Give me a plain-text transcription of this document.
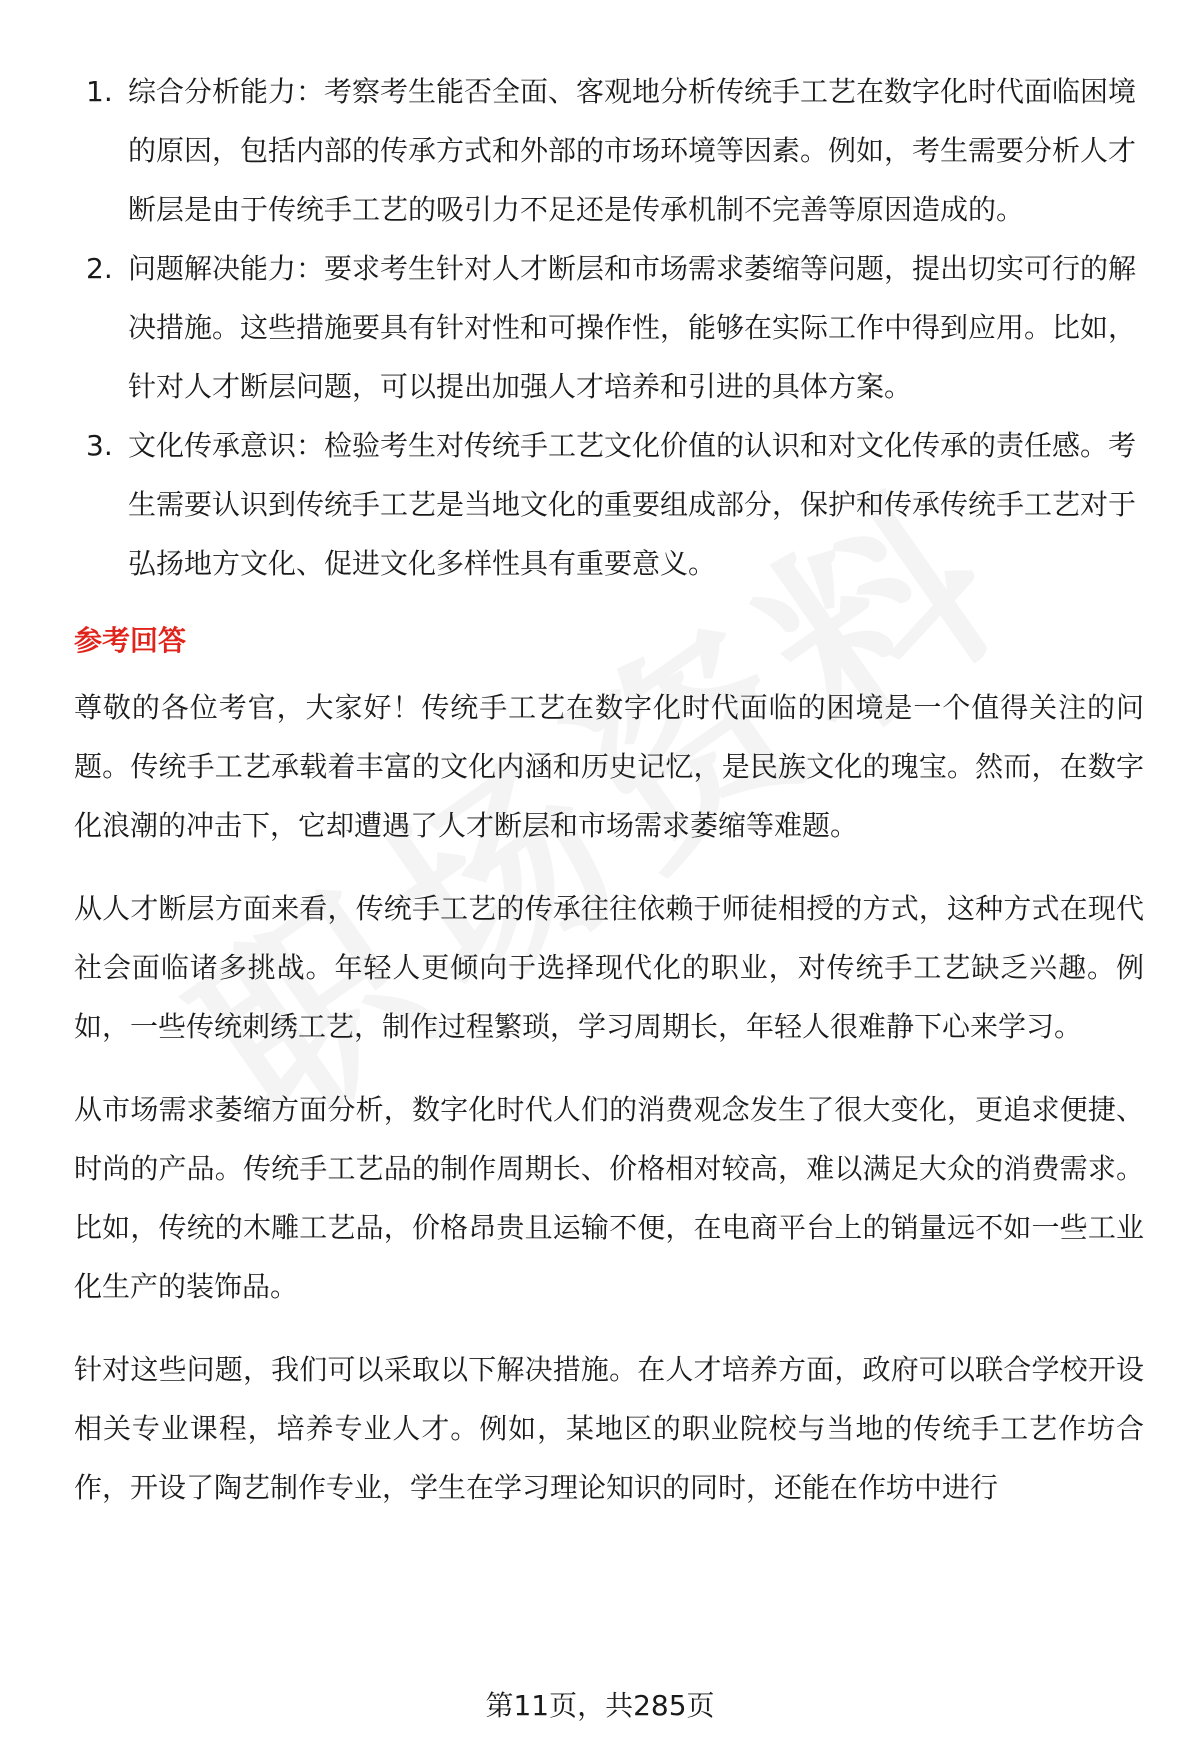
1. 综合分析能力：考察考生能否全面、客观地分析传统手工艺在数字化时代面临困境的原因，包括内部的传承方式和外部的市场环境等因素。例如，考生需要分析人才断层是由于传统手工艺的吸引力不足还是传承机制不完善等原因造成的。
2. 问题解决能力：要求考生针对人才断层和市场需求萎缩等问题，提出切实可行的解决措施。这些措施要具有针对性和可操作性，能够在实际工作中得到应用。比如，针对人才断层问题，可以提出加强人才培养和引进的具体方案。
3. 文化传承意识：检验考生对传统手工艺文化价值的认识和对文化传承的责任感。考生需要认识到传统手工艺是当地文化的重要组成部分，保护和传承传统手工艺对于弘扬地方文化、促进文化多样性具有重要意义。
参考回答

尊敬的各位考官，大家好！传统手工艺在数字化时代面临的困境是一个值得关注的问题。传统手工艺承载着丰富的文化内涵和历史记忆，是民族文化的瑰宝。然而，在数字化浪潮的冲击下，它却遭遇了人才断层和市场需求萎缩等难题。

从人才断层方面来看，传统手工艺的传承往往依赖于师徒相授的方式，这种方式在现代社会面临诸多挑战。年轻人更倾向于选择现代化的职业，对传统手工艺缺乏兴趣。例如，一些传统刺绣工艺，制作过程繁琐，学习周期长，年轻人很难静下心来学习。

从市场需求萎缩方面分析，数字化时代人们的消费观念发生了很大变化，更追求便捷、时尚的产品。传统手工艺品的制作周期长、价格相对较高，难以满足大众的消费需求。比如，传统的木雕工艺品，价格昂贵且运输不便，在电商平台上的销量远不如一些工业化生产的装饰品。

针对这些问题，我们可以采取以下解决措施。在人才培养方面，政府可以联合学校开设相关专业课程，培养专业人才。例如，某地区的职业院校与当地的传统手工艺作坊合作，开设了陶艺制作专业，学生在学习理论知识的同时，还能在作坊中进行

第11页，共285页
